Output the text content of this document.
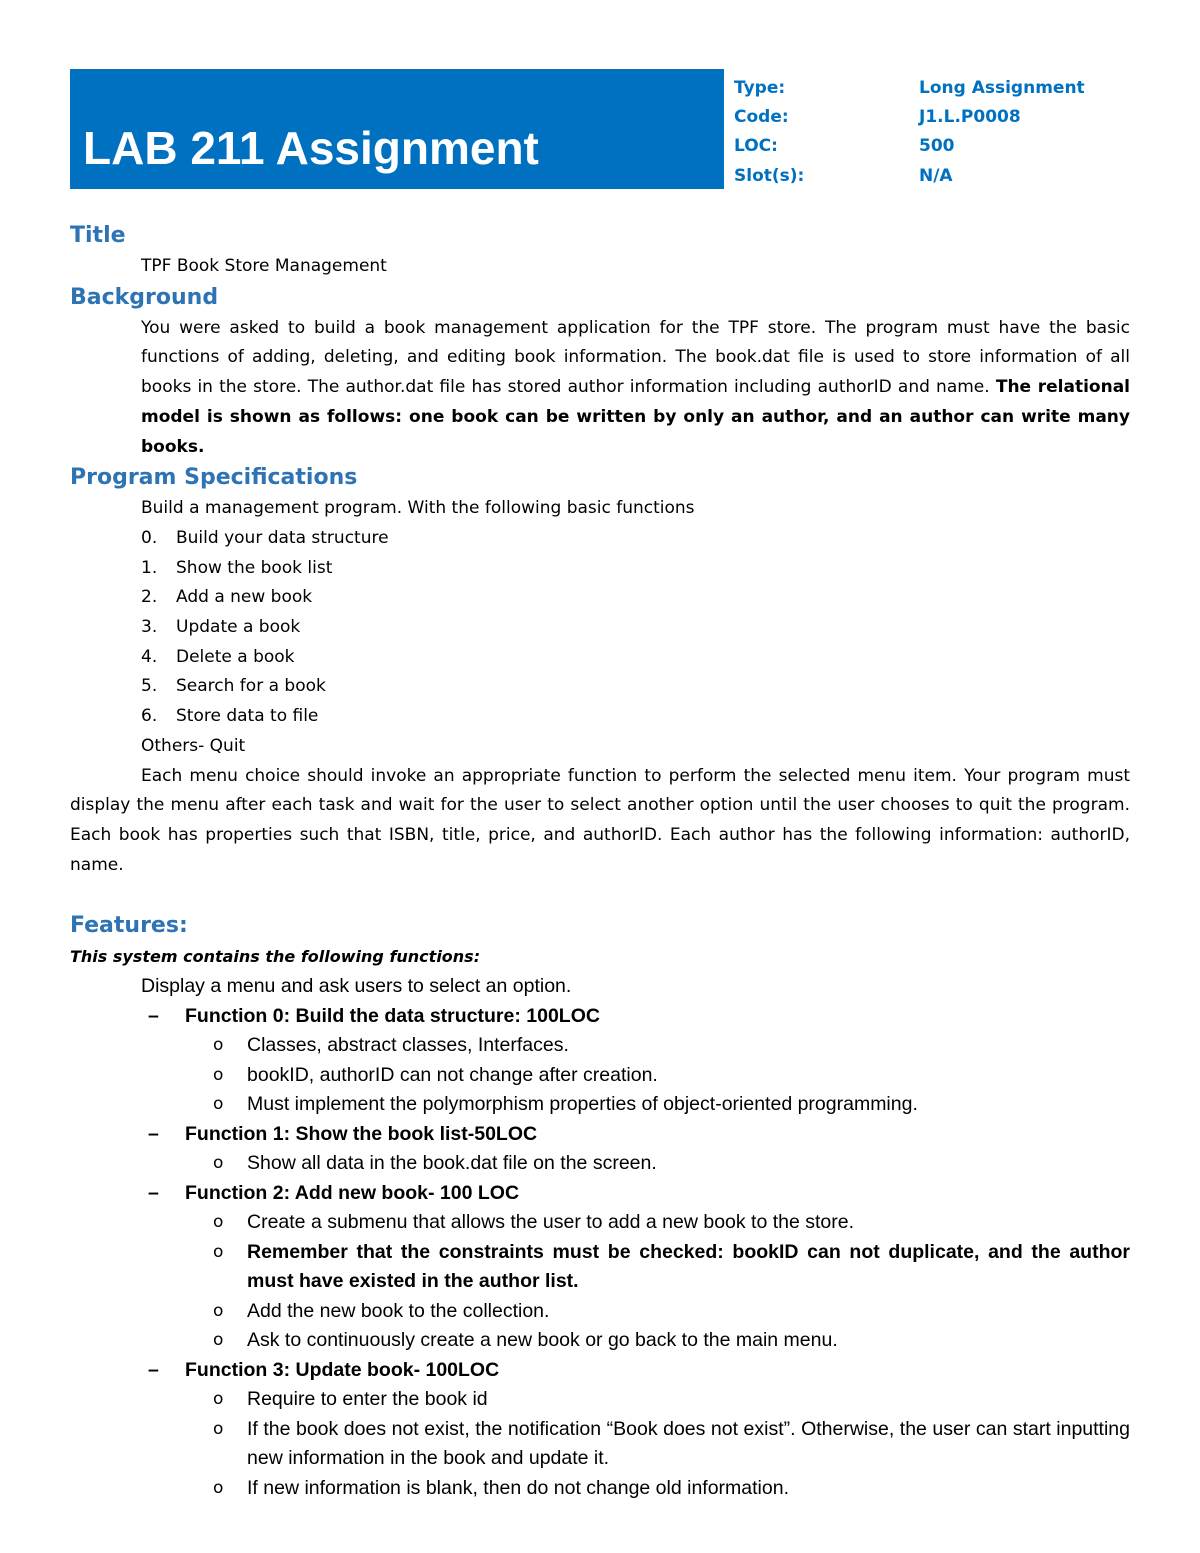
LAB 211 Assignment
Type:	Long Assignment
Code:	J1.L.P0008
LOC:	500
Slot(s):	N/A
Title
TPF Book Store Management
Background
You were asked to build a book management application for the TPF store. The program must have the basic functions of adding, deleting, and editing book information. The book.dat file is used to store information of all books in the store. The author.dat file has stored author information including authorID and name. The relational model is shown as follows: one book can be written by only an author, and an author can write many books.
Program Specifications
Build a management program. With the following basic functions
0. Build your data structure
1. Show the book list
2. Add a new book
3. Update a book
4. Delete a book
5. Search for a book
6. Store data to file
Others- Quit
Each menu choice should invoke an appropriate function to perform the selected menu item. Your program must display the menu after each task and wait for the user to select another option until the user chooses to quit the program. Each book has properties such that ISBN, title, price, and authorID. Each author has the following information: authorID, name.
Features:
This system contains the following functions:
Display a menu and ask users to select an option.
– Function 0: Build the data structure: 100LOC
o Classes, abstract classes, Interfaces.
o bookID, authorID can not change after creation.
o Must implement the polymorphism properties of object-oriented programming.
– Function 1: Show the book list-50LOC
o Show all data in the book.dat file on the screen.
– Function 2: Add new book- 100 LOC
o Create a submenu that allows the user to add a new book to the store.
o Remember that the constraints must be checked: bookID can not duplicate, and the author must have existed in the author list.
o Add the new book to the collection.
o Ask to continuously create a new book or go back to the main menu.
– Function 3: Update book- 100LOC
o Require to enter the book id
o If the book does not exist, the notification “Book does not exist”. Otherwise, the user can start inputting new information in the book and update it.
o If new information is blank, then do not change old information.
